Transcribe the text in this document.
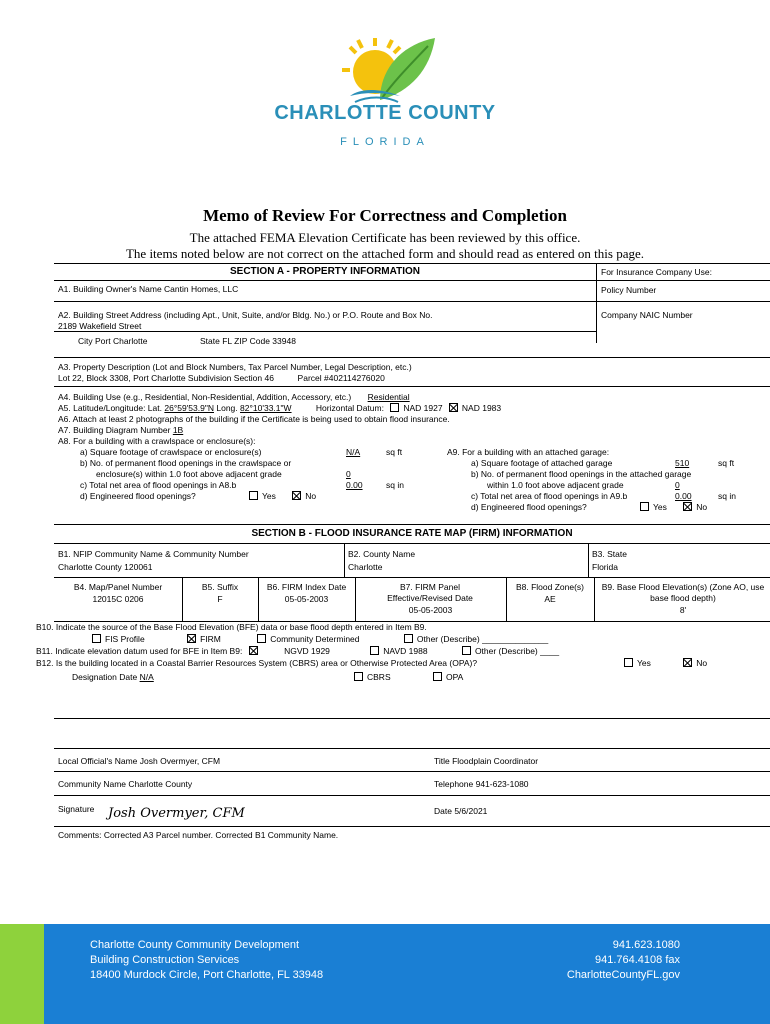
CHARLOTTE COUNTY
FLORIDA
Memo of Review For Correctness and Completion
The attached FEMA Elevation Certificate has been reviewed by this office.
The items noted below are not correct on the attached form and should read as entered on this page.
SECTION A - PROPERTY INFORMATION	For Insurance Company Use:
A1. Building Owner's Name Cantin Homes, LLC	Policy Number
A2. Building Street Address (including Apt., Unit, Suite, and/or Bldg. No.) or P.O. Route and Box No.
2189 Wakefield Street
Company NAIC Number
City Port Charlotte	State FL ZIP Code 33948
A3. Property Description (Lot and Block Numbers, Tax Parcel Number, Legal Description, etc.)
Lot 22, Block 3308, Port Charlotte Subdivision Section 46          Parcel #402114276020
A4. Building Use (e.g., Residential, Non-Residential, Addition, Accessory, etc.) Residential
A5. Latitude/Longitude: Lat. 26°59'53.9"N Long. 82°10'33.1"W	Horizontal Datum: NAD 1927 NAD 1983
A6. Attach at least 2 photographs of the building if the Certificate is being used to obtain flood insurance.
A7. Building Diagram Number 1B
A8. For a building with a crawlspace or enclosure(s):
a) Square footage of crawlspace or enclosure(s)	N/A	sq ft
b) No. of permanent flood openings in the crawlspace or
enclosure(s) within 1.0 foot above adjacent grade	0
c) Total net area of flood openings in A8.b	0.00	sq in
d) Engineered flood openings?	Yes	No
A9. For a building with an attached garage:
a) Square footage of attached garage	510	sq ft
b) No. of permanent flood openings in the attached garage
within 1.0 foot above adjacent grade	0
c) Total net area of flood openings in A9.b	0.00	sq in
d) Engineered flood openings?	Yes	No
SECTION B - FLOOD INSURANCE RATE MAP (FIRM) INFORMATION
B1. NFIP Community Name & Community Number
Charlotte County 120061
B2. County Name
Charlotte
B3. State
Florida
B4. Map/Panel Number
12015C 0206
B5. Suffix
F
B6. FIRM Index Date
05-05-2003
B7. FIRM Panel Effective/Revised Date
05-05-2003
B8. Flood Zone(s)
AE
B9. Base Flood Elevation(s) (Zone AO, use base flood depth)
8'
B10. Indicate the source of the Base Flood Elevation (BFE) data or base flood depth entered in Item B9.
FIS Profile	FIRM	Community Determined	Other (Describe) ______________
B11. Indicate elevation datum used for BFE in Item B9:	NGVD 1929	NAVD 1988	Other (Describe) ____
B12. Is the building located in a Coastal Barrier Resources System (CBRS) area or Otherwise Protected Area (OPA)?	Yes	No
Designation Date N/A	CBRS	OPA
Local Official's Name Josh Overmyer, CFM	Title Floodplain Coordinator
Community Name Charlotte County	Telephone 941-623-1080
Signature Josh Overmyer, CFM	Date 5/6/2021
Comments: Corrected A3 Parcel number. Corrected B1 Community Name.
Charlotte County Community Development
Building Construction Services
18400 Murdock Circle, Port Charlotte, FL 33948
941.623.1080
941.764.4108 fax
CharlotteCountyFL.gov
